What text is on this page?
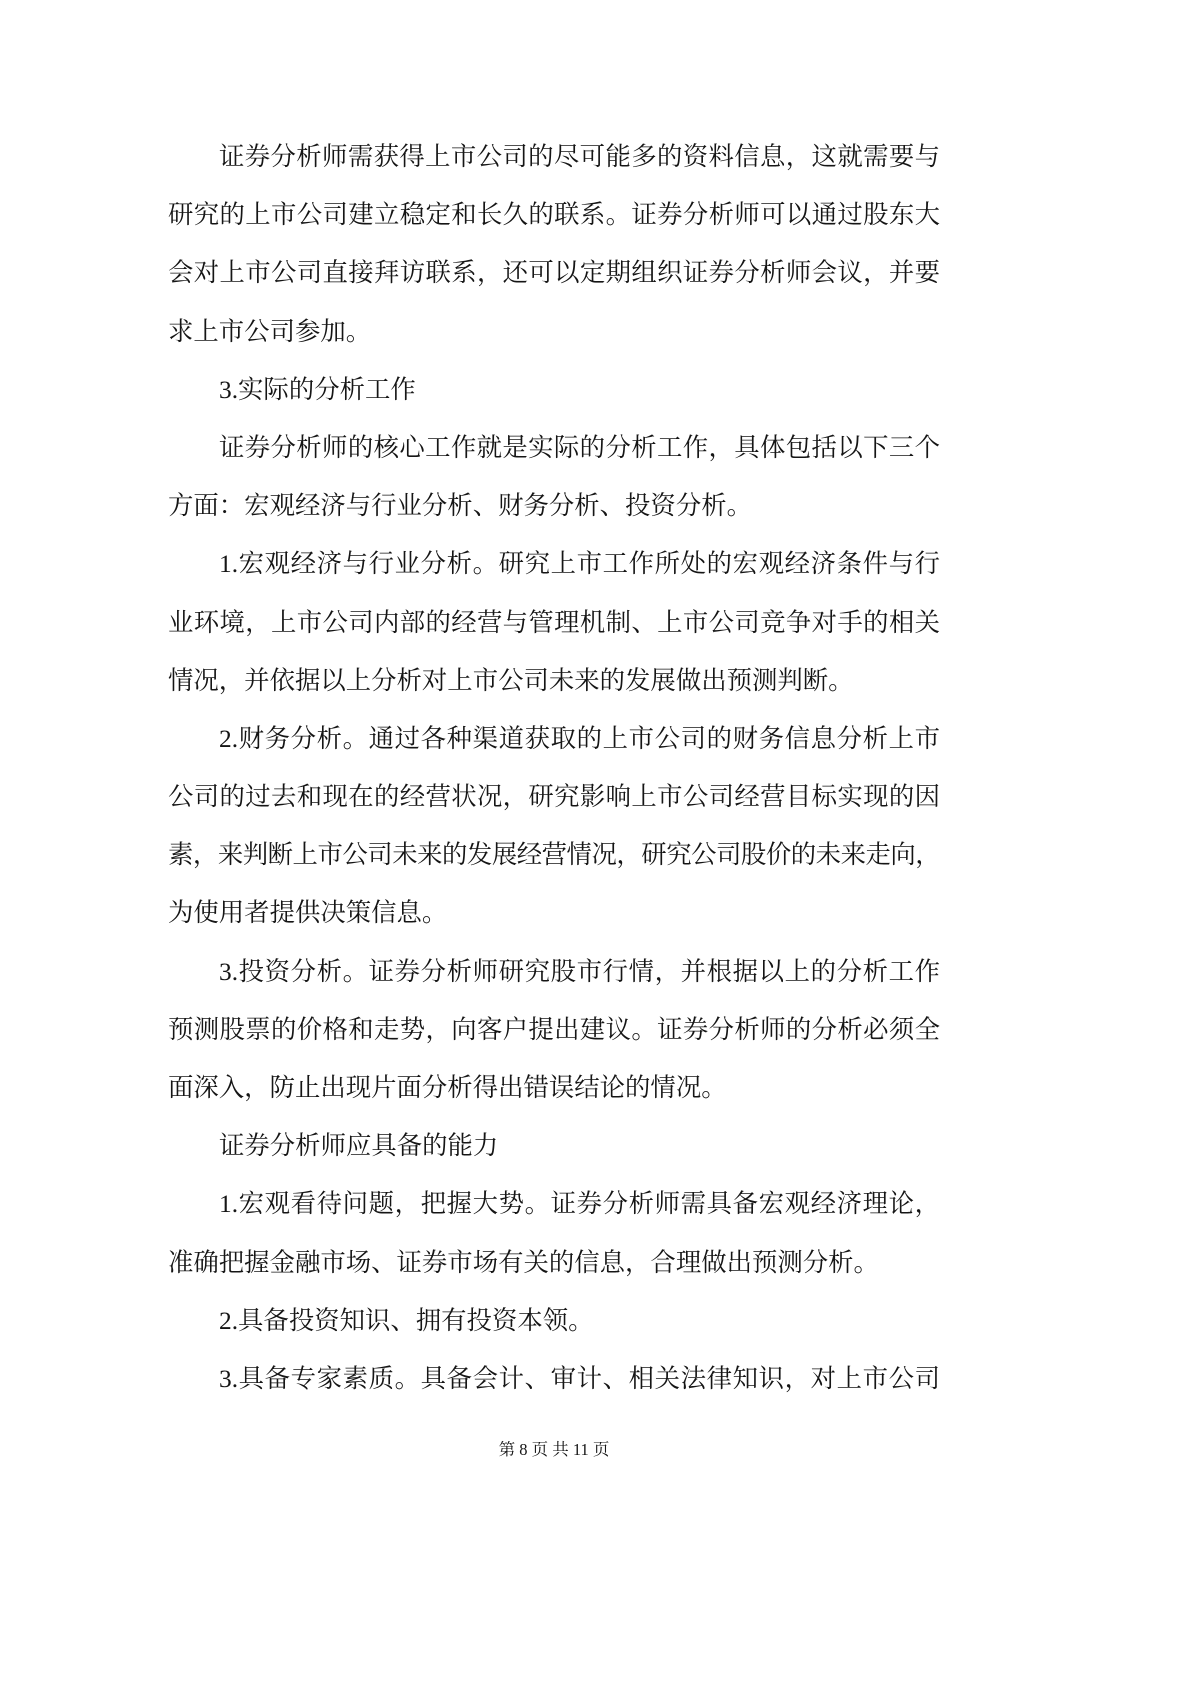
证券分析师需获得上市公司的尽可能多的资料信息，这就需要与
研究的上市公司建立稳定和长久的联系。证券分析师可以通过股东大
会对上市公司直接拜访联系，还可以定期组织证券分析师会议，并要
求上市公司参加。
3.实际的分析工作
证券分析师的核心工作就是实际的分析工作，具体包括以下三个
方面：宏观经济与行业分析、财务分析、投资分析。
1.宏观经济与行业分析。研究上市工作所处的宏观经济条件与行
业环境，上市公司内部的经营与管理机制、上市公司竞争对手的相关
情况，并依据以上分析对上市公司未来的发展做出预测判断。
2.财务分析。通过各种渠道获取的上市公司的财务信息分析上市
公司的过去和现在的经营状况，研究影响上市公司经营目标实现的因
素，来判断上市公司未来的发展经营情况，研究公司股价的未来走向，
为使用者提供决策信息。
3.投资分析。证券分析师研究股市行情，并根据以上的分析工作
预测股票的价格和走势，向客户提出建议。证券分析师的分析必须全
面深入，防止出现片面分析得出错误结论的情况。
证券分析师应具备的能力
1.宏观看待问题，把握大势。证券分析师需具备宏观经济理论，
准确把握金融市场、证券市场有关的信息，合理做出预测分析。
2.具备投资知识、拥有投资本领。
3.具备专家素质。具备会计、审计、相关法律知识，对上市公司
第 8 页 共 11 页
